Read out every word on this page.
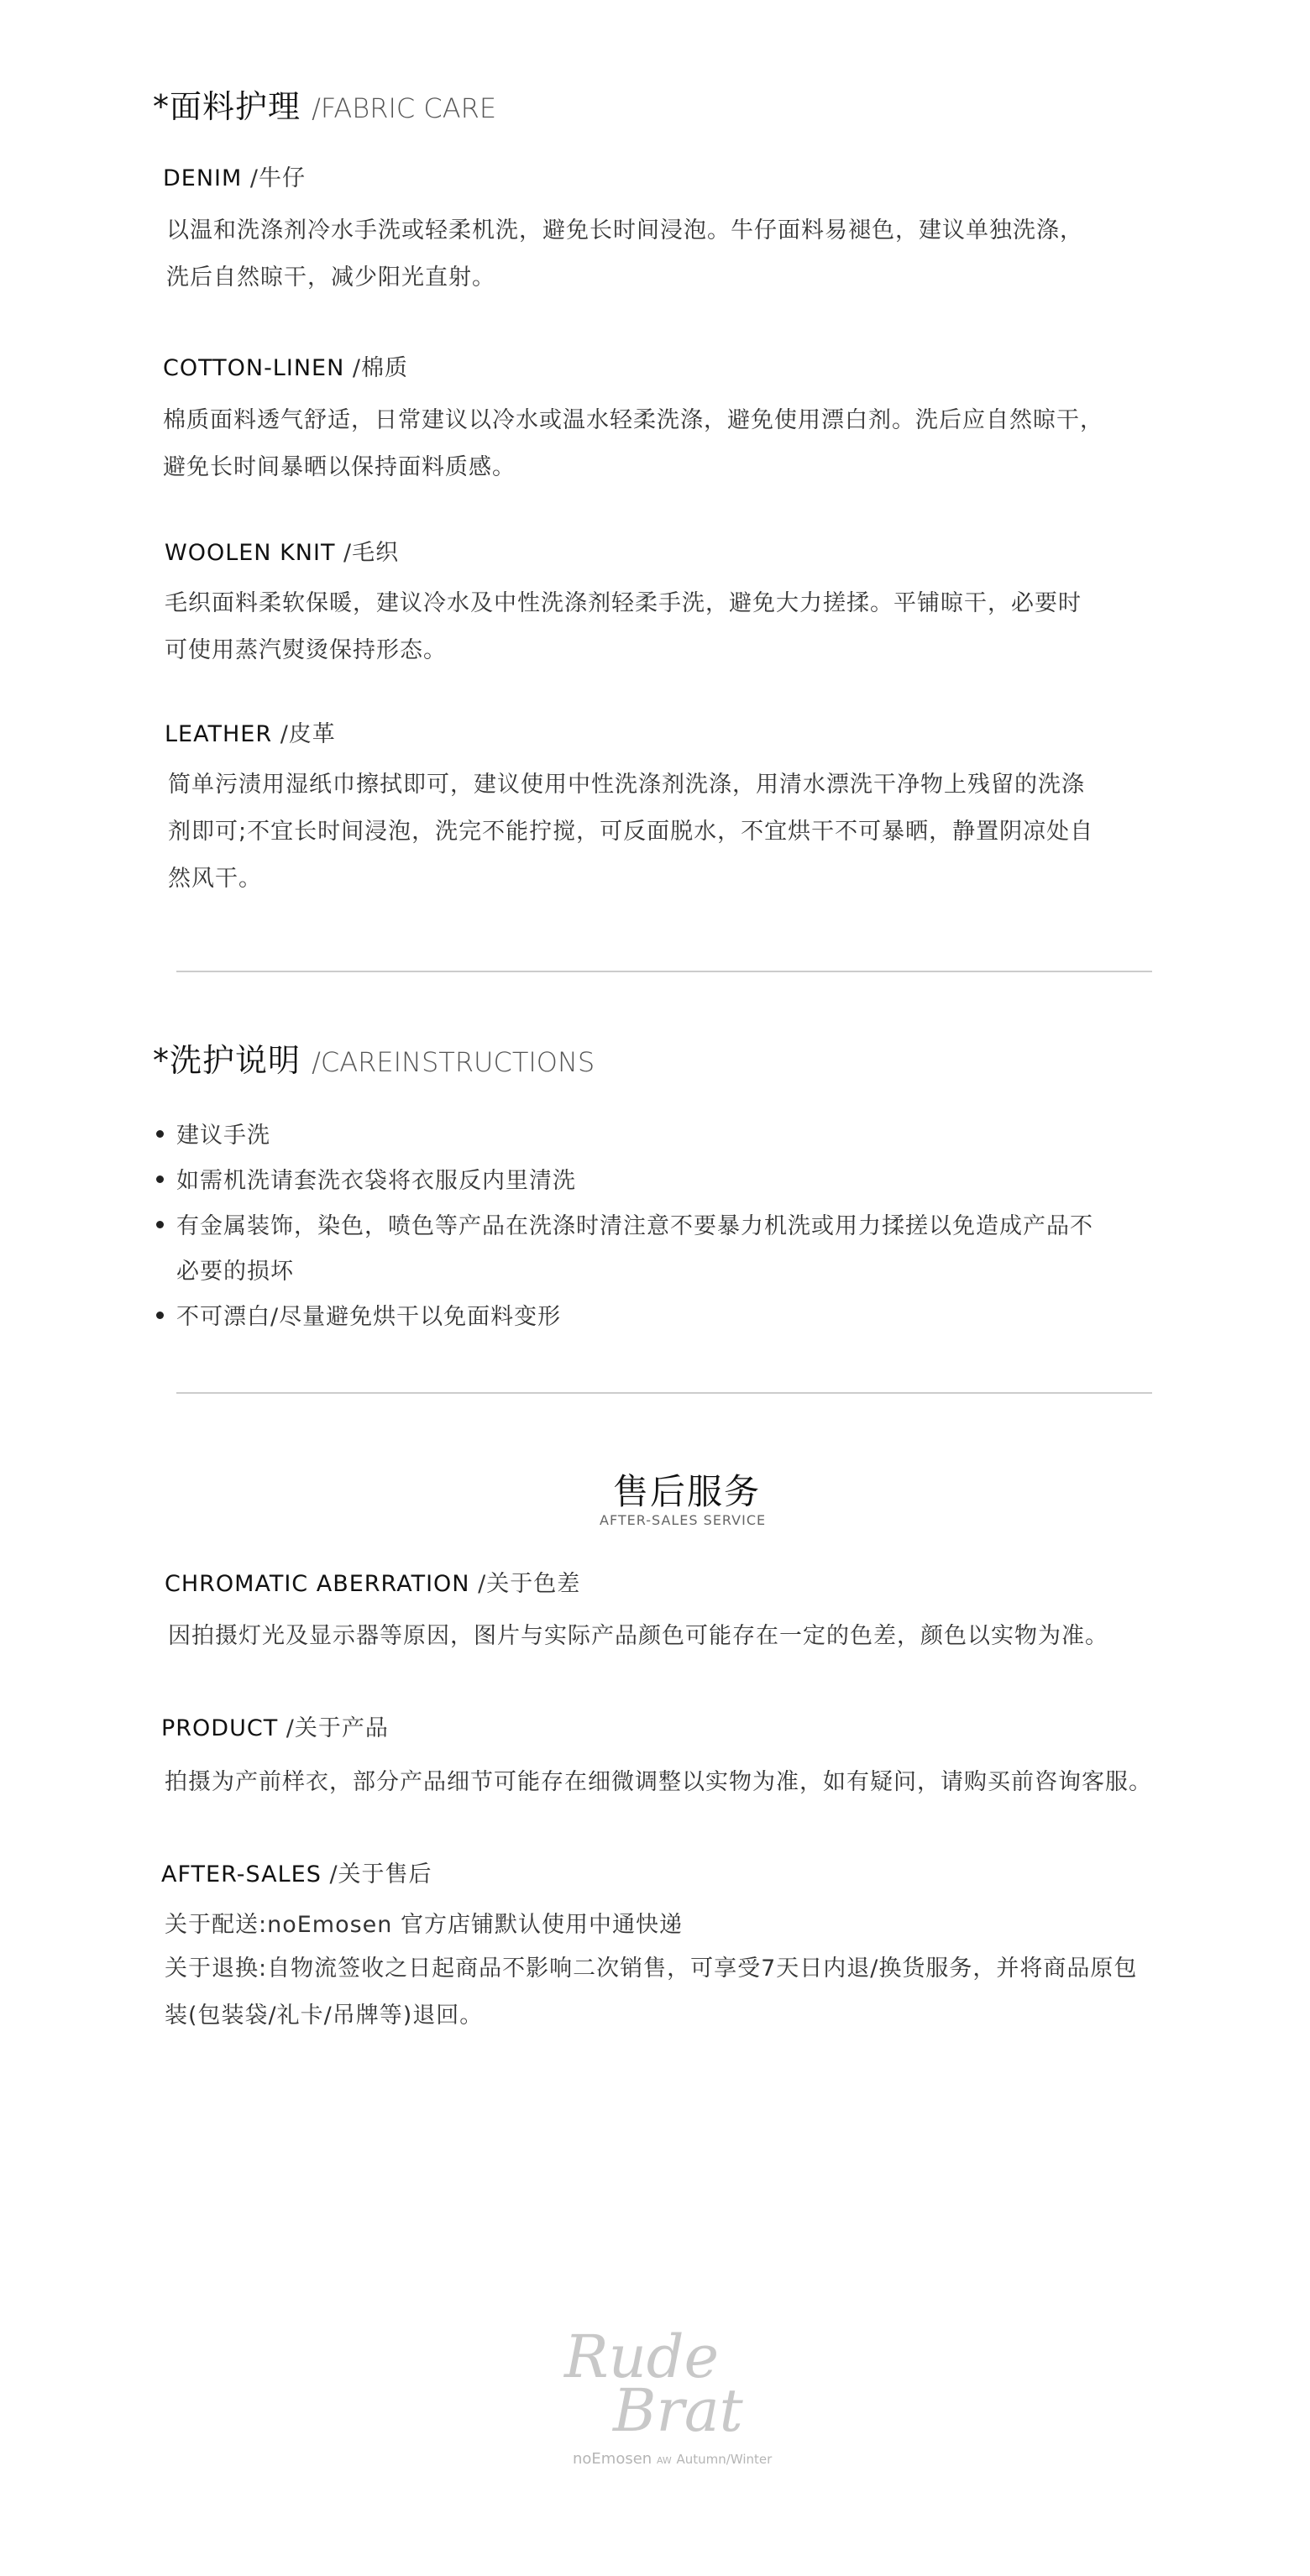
*面料护理 /FABRIC CARE
DENIM /牛仔
以温和洗涤剂冷水手洗或轻柔机洗，避免长时间浸泡。牛仔面料易褪色，建议单独洗涤，
洗后自然晾干，减少阳光直射。
COTTON-LINEN /棉质
棉质面料透气舒适，日常建议以冷水或温水轻柔洗涤，避免使用漂白剂。洗后应自然晾干，
避免长时间暴晒以保持面料质感。
WOOLEN KNIT /毛织
毛织面料柔软保暖，建议冷水及中性洗涤剂轻柔手洗，避免大力搓揉。平铺晾干，必要时
可使用蒸汽熨烫保持形态。
LEATHER /皮革
简单污渍用湿纸巾擦拭即可，建议使用中性洗涤剂洗涤，用清水漂洗干净物上残留的洗涤
剂即可;不宜长时间浸泡，洗完不能拧搅，可反面脱水，不宜烘干不可暴晒，静置阴凉处自
然风干。
*洗护说明 /CAREINSTRUCTIONS
建议手洗
如需机洗请套洗衣袋将衣服反内里清洗
有金属装饰，染色，喷色等产品在洗涤时清注意不要暴力机洗或用力揉搓以免造成产品不
必要的损坏
不可漂白/尽量避免烘干以免面料变形
售后服务
AFTER-SALES SERVICE
CHROMATIC ABERRATION /关于色差
因拍摄灯光及显示器等原因，图片与实际产品颜色可能存在一定的色差，颜色以实物为准。
PRODUCT /关于产品
拍摄为产前样衣，部分产品细节可能存在细微调整以实物为准，如有疑问，请购买前咨询客服。
AFTER-SALES /关于售后
关于配送:noEmosen 官方店铺默认使用中通快递
关于退换:自物流签收之日起商品不影响二次销售，可享受7天日内退/换货服务，并将商品原包
装(包装袋/礼卡/吊牌等)退回。
Rude
Brat
noEmosen AW Autumn/Winter
